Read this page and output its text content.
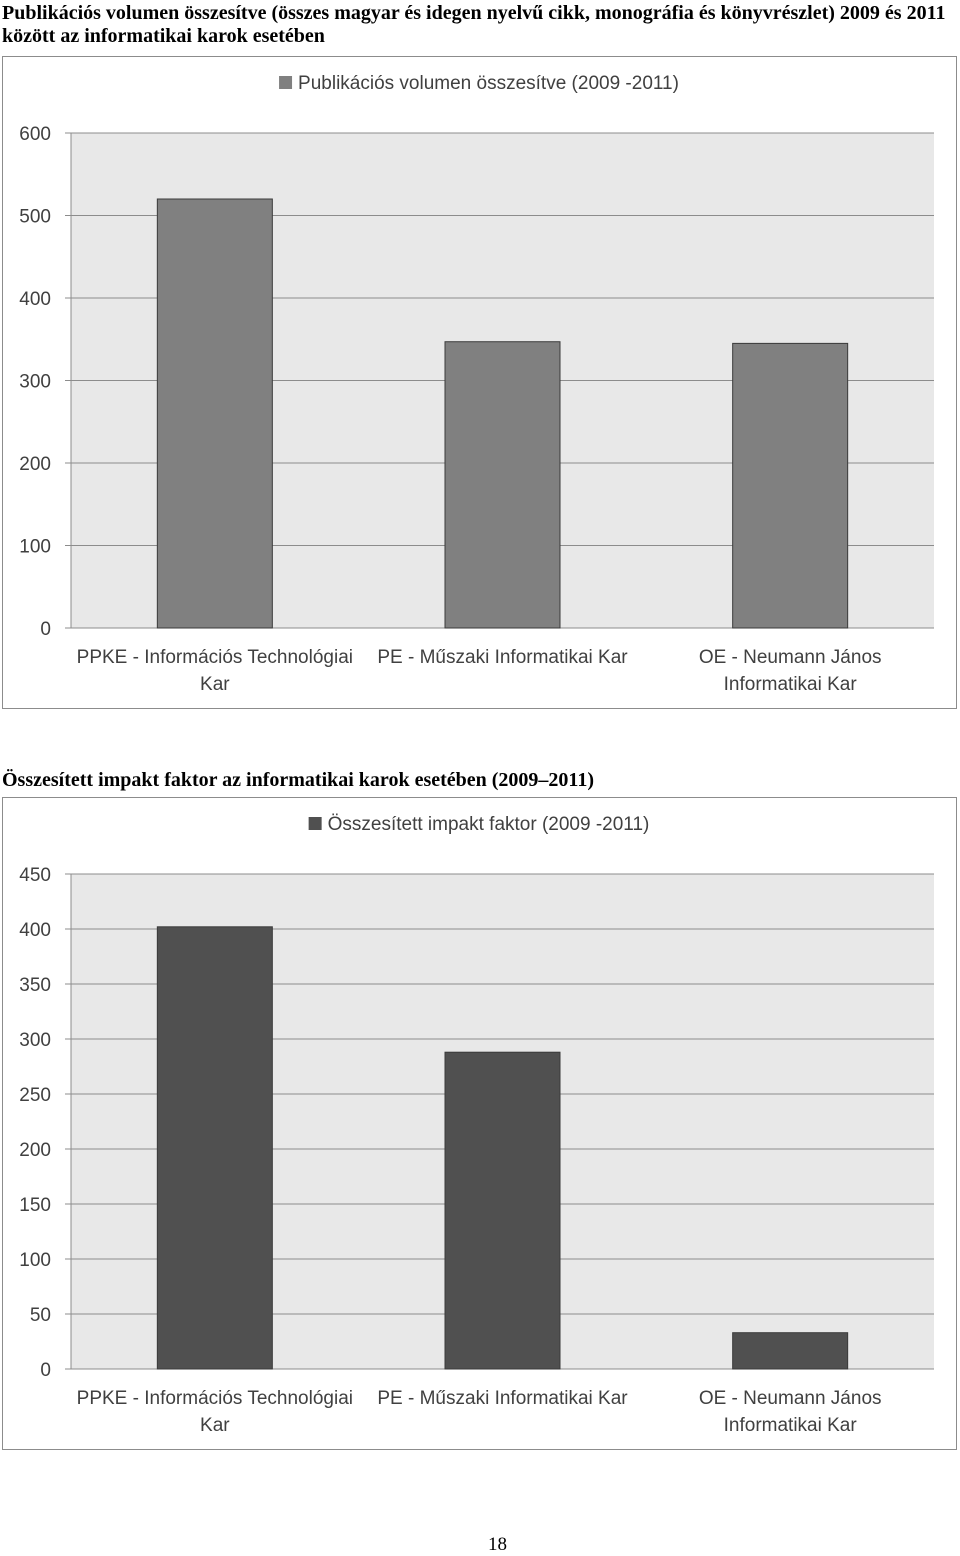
Publikációs volumen összesítve (összes magyar és idegen nyelvű cikk, monográfia és könyvrészlet) 2009 és 2011 között az informatikai karok esetében
0
100
200
300
400
500
600
PPKE - Információs Technológiai
Kar
PE - Műszaki Informatikai Kar	OE - Neumann János
Informatikai Kar
Publikációs volumen összesítve (2009 -2011)
Összesített impakt faktor az informatikai karok esetében (2009–2011)
0
50
100
150
200
250
300
350
400
450
PPKE - Információs Technológiai
Kar
PE - Műszaki Informatikai Kar	OE - Neumann János
Informatikai Kar
Összesített impakt faktor (2009 -2011)
18
